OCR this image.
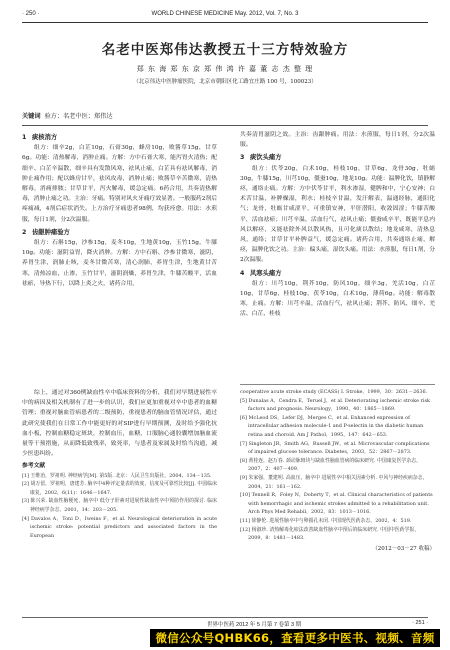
· 250 ·	WORLD CHINESE MEDICINE May. 2012, Vol. 7, No. 3
名老中医郑伟达教授五十三方特效验方
郑 东 海 郑 东 京 郑 伟 鸿 许 嘉 董 志 杰 整 理
（北京伟达中医肿瘤医院，北京市朝阳区化工路宜庄路 100 号，100023）
关键词 验方；名老中医；郑伟达
1 痰核消方

组方：细辛2g，白芷10g，石膏30g，蜂房10g，败酱草15g，甘草6g。功能：清热解毒，消肿止痛。方解：方中石膏大寒，能泻胃火清热；配细辛、白芷辛温散，细辛具有发散风寒，祛风止痛，白芷具有祛风解毒，消肿止痛作用；配以蜂房甘平，祛风攻毒，消肿止痛；败酱草辛苦微寒，清热解毒，消痈排脓；甘草甘平，泻火解毒，缓急定痛。6药合用，共奏清热解毒，消肿止痛之功。主治：牙痛。特别对风火牙痛疗效显著。一般服药2剂后疼痛减，4剂后症状消失。上方治疗牙痛患者98例，均获痊愈。用法：水煎服，每日1剂，分2次温服。

2 齿龈肿痛验方

组方：石斛15g，沙参15g，麦冬10g，生地黄10g，玉竹15g，牛膝10g。功能：滋阴益胃，降火消肿。方解：方中石斛、沙参甘微寒，滋阴，养胃生津，润肺止咳，麦冬甘微苦寒，清心润肺，养胃生津，生地黄甘苦寒，清热凉血，止渗，玉竹甘平，滋阴润燥，养胃生津，牛膝苦酸平，活血祛瘀，导热下行，以降上炎之火，诸药合用，

共奏清胃滋阴之效。主治：齿龈肿痛。用法：水煎服，每日1剂，分2次温服。

3 痰饮头痛方

组方：伏苓20g，白术10g，桂枝10g，甘草6g，龙骨30g，牡蛎30g，牛膝15g，川芎10g，僵蚕10g，地龙10g。功能：温脾化饮，镇静解痉，通络止痛。方解：方中伏苓甘平，利水渗湿，健脾和中，宁心安神；白术苦甘温，补脾燥湿，利水；桂枝辛甘温，发汗解表，温通经脉，通阳化气；龙骨，牡蛎甘咸涩平，可重镇安神，平肝潜阳，收敛固涩；牛膝苦酸平，活血祛瘀；川芎辛温，活血行气，祛风止痛；僵蚕咸辛平，既能平息内风以解痉，又能祛除外风以散风热，且可化痰以散结；地龙咸寒，清热息风，通络；甘草甘平补脾益气，缓急定痛。诸药合用，共奏通络止痛，解痉，温脾化饮之功。主治：偏头痛，湿饮头痛。用法：水煎服，每日1剂，分2次温服。

4 风寒头痛方

组方：川芎10g，荆芥10g，防风10g，细辛3g，羌活10g，白芷10g，甘草6g，桂枝10g，茯苓10g，白术10g，薄荷6g。功能：解毒散寒，止痛。方解：川芎辛温，活血行气，祛风止痛；荆芥、防风、细辛、羌活、白芷、桂枝

综上，通过对360例缺血性卒中临床资料的分析，我们对早期进展性卒中的病因及相关机制有了进一步的认识，我们应更加重视对卒中患者的血糖管理；重视对脑血管病患者的二级预防，重视患者的脑血管情况评估，通过此研究使我们在日常工作中能更好的对SIP进行早期预测，及时给予强化抗血小板，控制血糖稳定斑块，控制血压，血糖，口服脑心通胶囊增加脑血流量等干预措施，从而降低致残率，致死率，与患者及家属及时恰当沟通，减少医患纠纷。

参考文献
[1] 王维治，罗祖明. 神经病学[M]. 第5版. 北京：人民卫生出版社，2004，134－135.
[2] 胡万留，罗祖明，唐建芳. 脑卒中4种评定量表的效度，信度及可靠性比较[J]. 中国临床康复，2002，6(11)：1646－1647.
[3] 陈兴荣. 缺血性脑梗死，脑卒中 低分子肝素对进展性缺血性卒中预防作用的探讨. 临床神经病学杂志，2001，14：203－205.
[4] Davalos A，Toni D，Iweins F，et al. Neurological deterioration in acute ischemic stroke: potential predictors and associated factors in the European
cooperative acute stroke study (ECASS) I. Stroke，1999，30：2631－2636.
[5] Dunalas A，Cendra E，Teruel J，et al. Deteriorating ischemic stroke risk factors and prognosis. Neurology，1990，40：1865－1869.
[6] McLeod DS，Lefer DJ，Merges C，et al. Enhanced expression of intracellular adhesion molecule-1 and P-selectin in the diabetic human retina and choroid. Am J Pathol，1995，147：642－653.
[7] Singleton JR，Smith AG，Russell JW，et al. Microvascular complications of impaired glucose tolerance. Diabetes，2003，52：2867－2873.
[8] 黄桂连，赵万春. 颈动脉斑块与缺血性脑血管病的临床研究. 中国康复医学杂志，2007，2：407－409.
[9] 朱家强，董建明. 高血压，脑卒中 进展性卒中相关因素分析. 中风与神经疾病杂志，2004，21：161－162.
[10] Tennell R，Foley N，Doherty T，et al. Clinical characteristics of patients with hemorrhagic and ischemic strokes admitted to a rehabilitation unit. Arch Phys Med Rehabil，2002，83：1013－1016.
[11] 徐静伦. 进展性脑卒中与卵圆孔未闭. 中国现代医药杂志，2002，4：519.
[12] 杨淑珍. 清热解毒化瘀法改善缺血性脑卒中预后的临床研究. 中国中医药学报，2009，8：1481－1483.
（2012－03－27 收稿）
世界中医药 2012 年 5 月第 7 卷第 3 期	· 251 ·
微信公众号QHBK66，查看更多中医书、视频、音频
